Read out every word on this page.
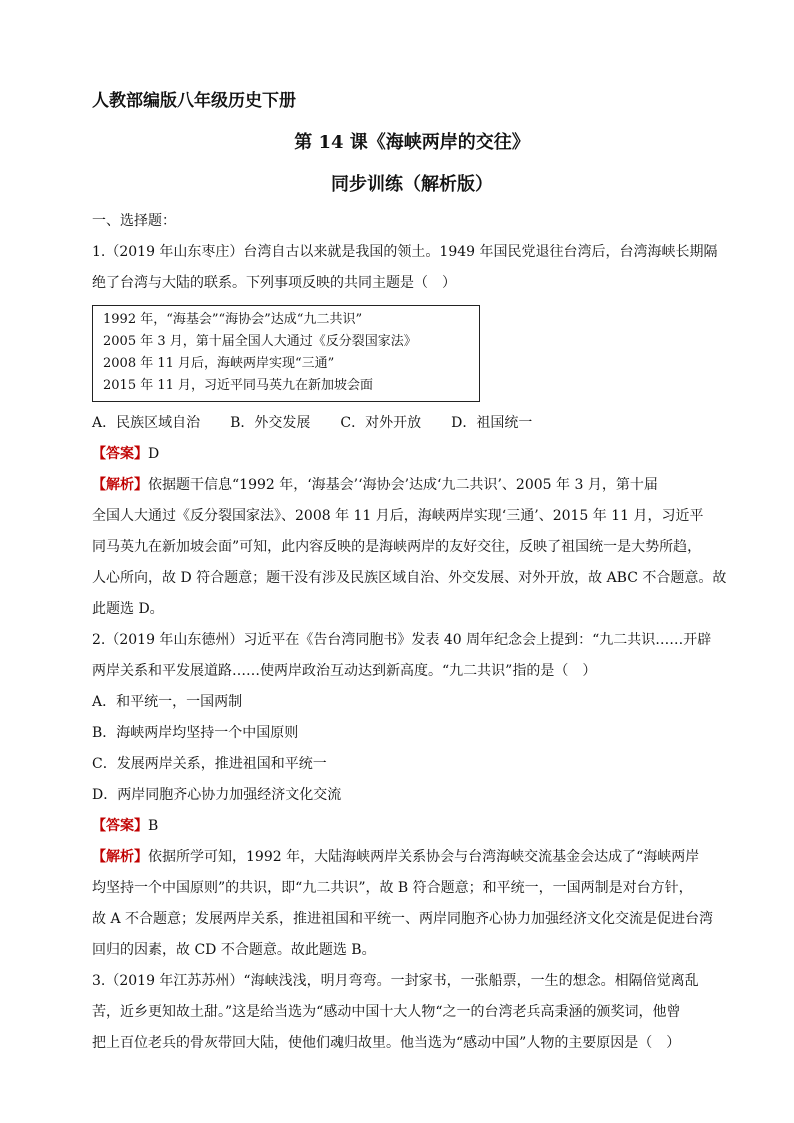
人教部编版八年级历史下册
第 14 课《海峡两岸的交往》
同步训练（解析版）
一、选择题：
1.（2019 年山东枣庄）台湾自古以来就是我国的领土。1949 年国民党退往台湾后，台湾海峡长期隔
绝了台湾与大陆的联系。下列事项反映的共同主题是（　）
1992 年，“海基会”“海协会”达成“九二共识”
2005 年 3 月，第十届全国人大通过《反分裂国家法》
2008 年 11 月后，海峡两岸实现“三通”
2015 年 11 月，习近平同马英九在新加坡会面
A．民族区域自治 B．外交发展 C．对外开放 D．祖国统一
【答案】D
【解析】依据题干信息“1992 年，‘海基会’‘海协会’达成‘九二共识’、2005 年 3 月，第十届
全国人大通过《反分裂国家法》、2008 年 11 月后，海峡两岸实现‘三通’、2015 年 11 月，习近平
同马英九在新加坡会面”可知，此内容反映的是海峡两岸的友好交往，反映了祖国统一是大势所趋，
人心所向，故 D 符合题意；题干没有涉及民族区域自治、外交发展、对外开放，故 ABC 不合题意。故
此题选 D。
2.（2019 年山东德州）习近平在《告台湾同胞书》发表 40 周年纪念会上提到：“九二共识……开辟
两岸关系和平发展道路……使两岸政治互动达到新高度。“九二共识”指的是（　）
A．和平统一，一国两制
B．海峡两岸均坚持一个中国原则
C．发展两岸关系，推进祖国和平统一
D．两岸同胞齐心协力加强经济文化交流
【答案】B
【解析】依据所学可知，1992 年，大陆海峡两岸关系协会与台湾海峡交流基金会达成了“海峡两岸
均坚持一个中国原则”的共识，即“九二共识”，故 B 符合题意；和平统一，一国两制是对台方针，
故 A 不合题意；发展两岸关系，推进祖国和平统一、两岸同胞齐心协力加强经济文化交流是促进台湾
回归的因素，故 CD 不合题意。故此题选 B。
3.（2019 年江苏苏州）“海峡浅浅，明月弯弯。一封家书，一张船票，一生的想念。相隔倍觉离乱
苦，近乡更知故土甜。”这是给当选为“感动中国十大人物“之一的台湾老兵高秉涵的颁奖词，他曾
把上百位老兵的骨灰带回大陆，使他们魂归故里。他当选为“感动中国”人物的主要原因是（　）
